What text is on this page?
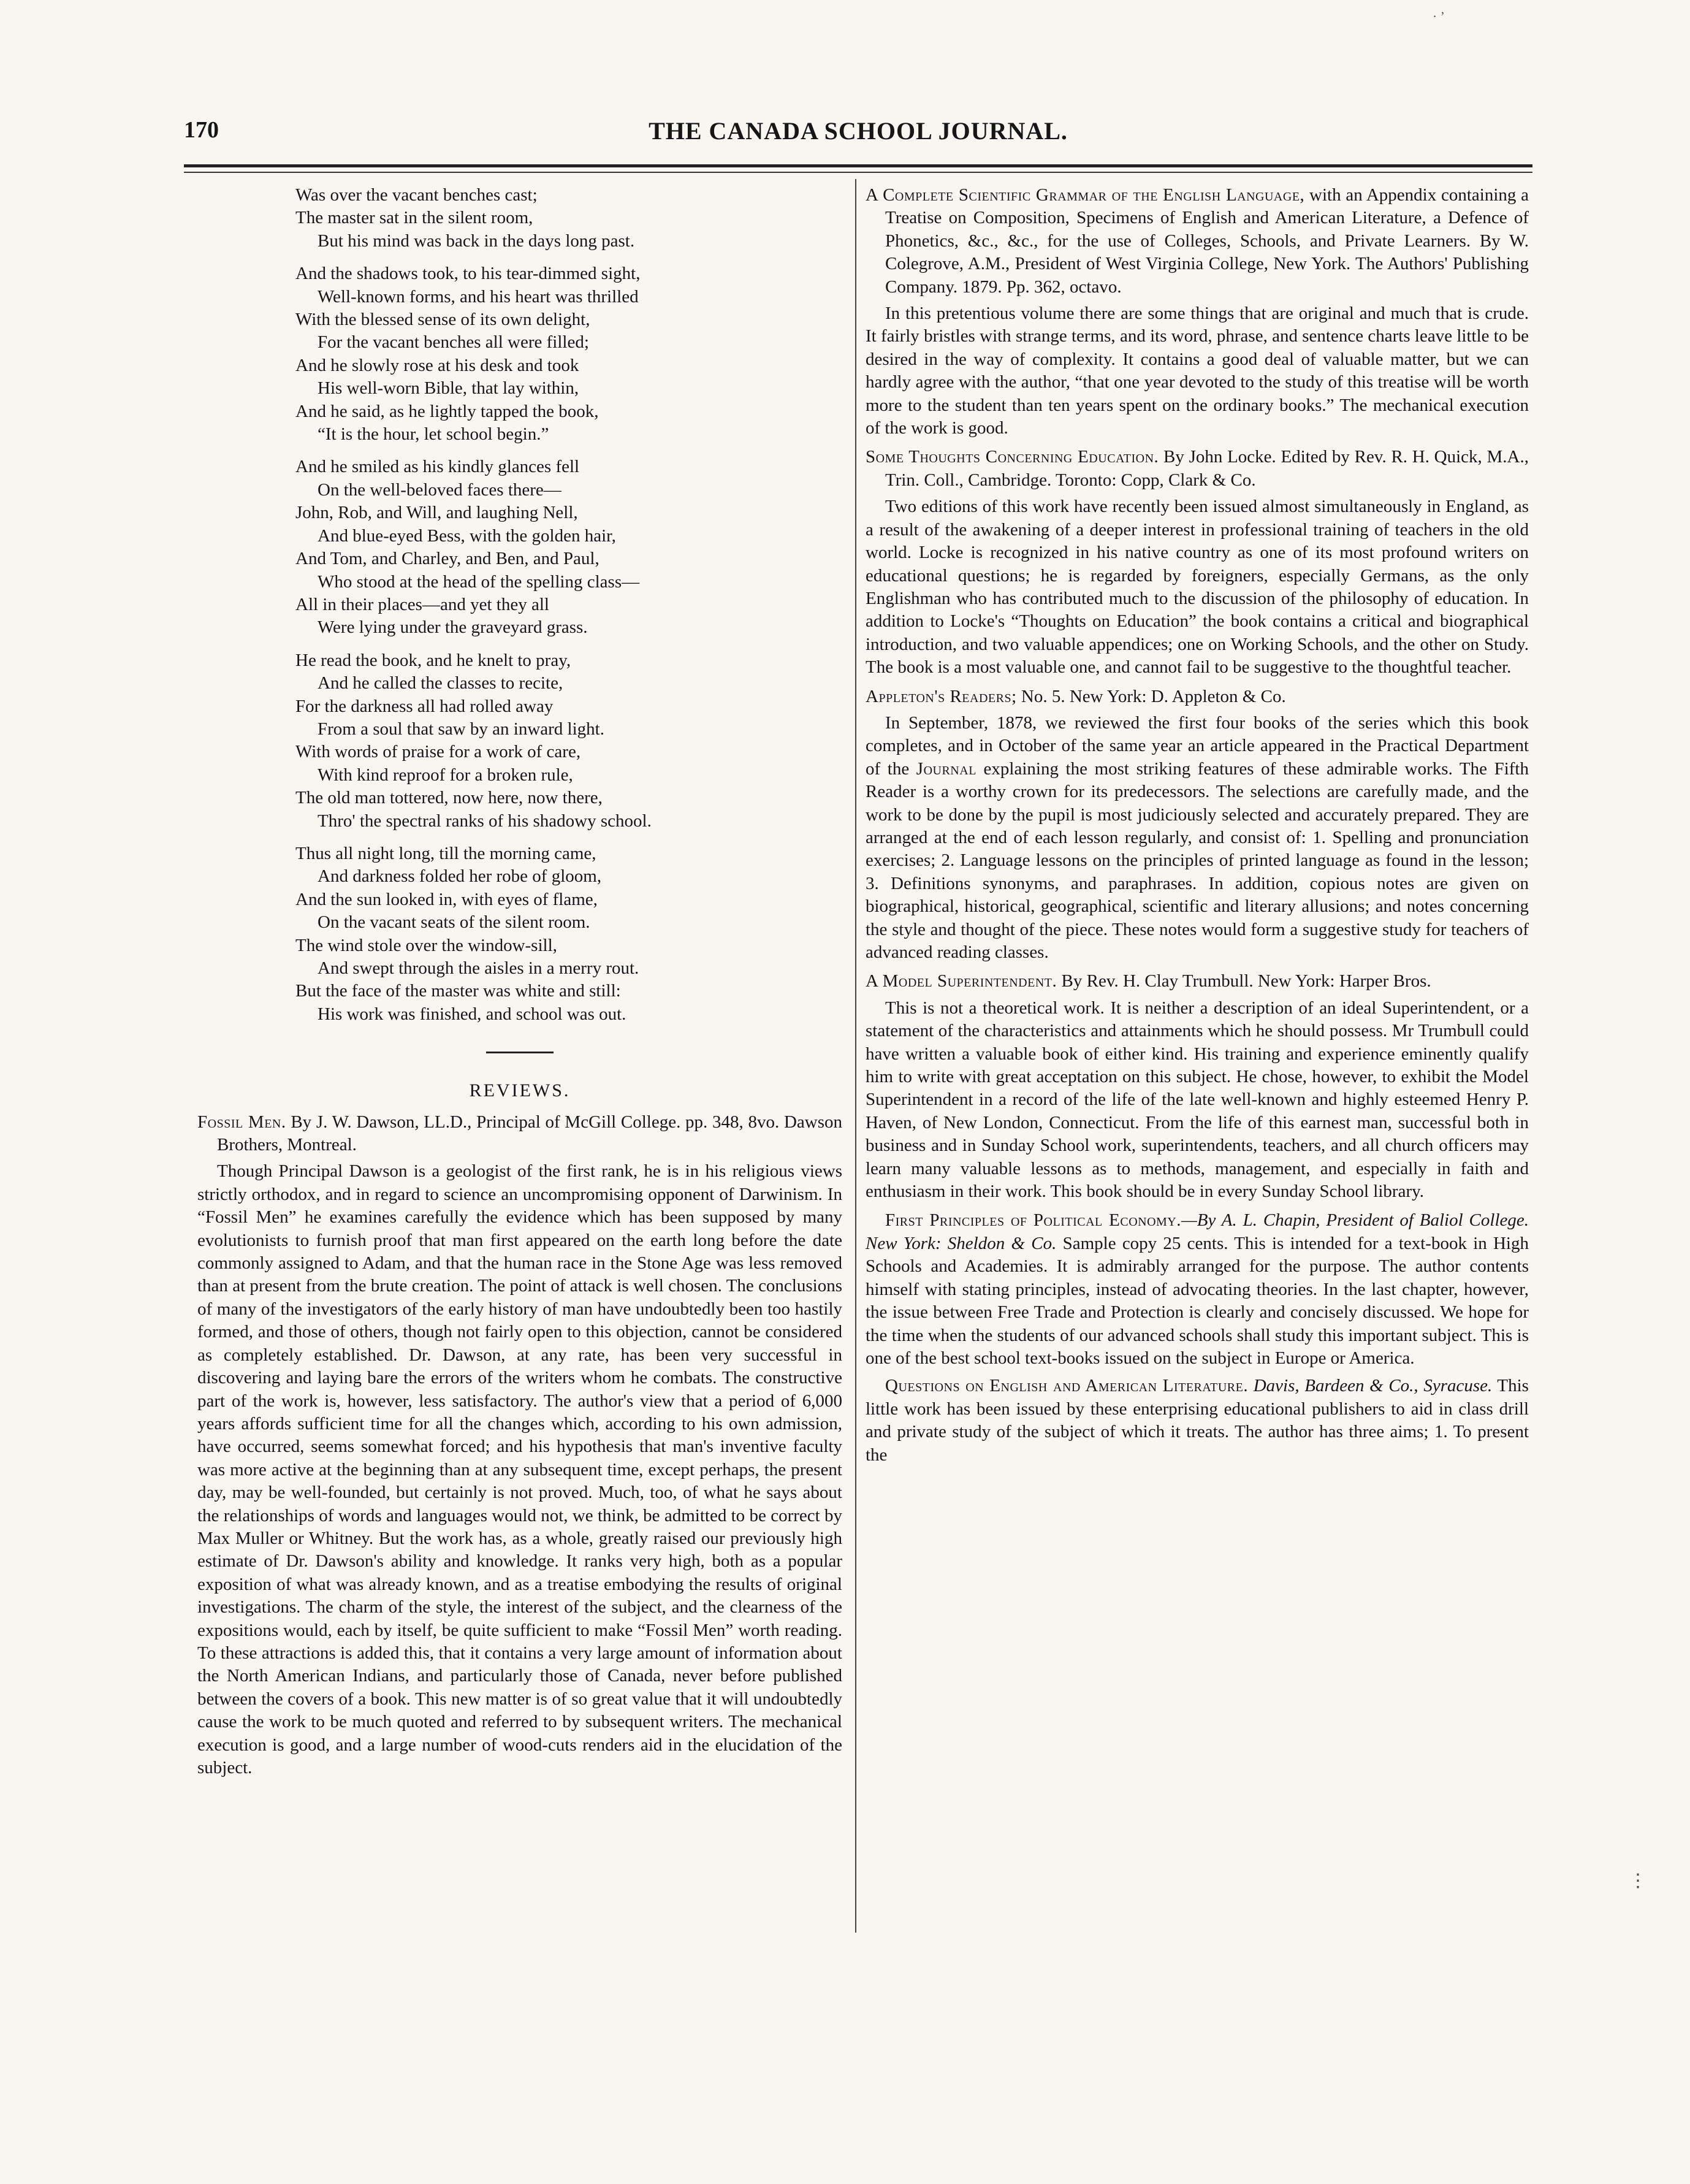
· ’
170	THE CANADA SCHOOL JOURNAL.
Was over the vacant benches cast;
The master sat in the silent room,
But his mind was back in the days long past.
And the shadows took, to his tear-dimmed sight,
Well-known forms, and his heart was thrilled
With the blessed sense of its own delight,
For the vacant benches all were filled;
And he slowly rose at his desk and took
His well-worn Bible, that lay within,
And he said, as he lightly tapped the book,
“It is the hour, let school begin.”
And he smiled as his kindly glances fell
On the well-beloved faces there—
John, Rob, and Will, and laughing Nell,
And blue-eyed Bess, with the golden hair,
And Tom, and Charley, and Ben, and Paul,
Who stood at the head of the spelling class—
All in their places—and yet they all
Were lying under the graveyard grass.
He read the book, and he knelt to pray,
And he called the classes to recite,
For the darkness all had rolled away
From a soul that saw by an inward light.
With words of praise for a work of care,
With kind reproof for a broken rule,
The old man tottered, now here, now there,
Thro' the spectral ranks of his shadowy school.
Thus all night long, till the morning came,
And darkness folded her robe of gloom,
And the sun looked in, with eyes of flame,
On the vacant seats of the silent room.
The wind stole over the window-sill,
And swept through the aisles in a merry rout.
But the face of the master was white and still:
His work was finished, and school was out.
REVIEWS.
Fossil Men. By J. W. Dawson, LL.D., Principal of McGill College. pp. 348, 8vo. Dawson Brothers, Montreal.
Though Principal Dawson is a geologist of the first rank, he is in his religious views strictly orthodox, and in regard to science an uncompromising opponent of Darwinism. In “Fossil Men” he examines carefully the evidence which has been supposed by many evolutionists to furnish proof that man first appeared on the earth long before the date commonly assigned to Adam, and that the human race in the Stone Age was less removed than at present from the brute creation. The point of attack is well chosen. The conclusions of many of the investigators of the early history of man have undoubtedly been too hastily formed, and those of others, though not fairly open to this objection, cannot be considered as completely established. Dr. Dawson, at any rate, has been very successful in discovering and laying bare the errors of the writers whom he combats. The constructive part of the work is, however, less satisfactory. The author's view that a period of 6,000 years affords sufficient time for all the changes which, according to his own admission, have occurred, seems somewhat forced; and his hypothesis that man's inventive faculty was more active at the beginning than at any subsequent time, except perhaps, the present day, may be well-founded, but certainly is not proved. Much, too, of what he says about the relationships of words and languages would not, we think, be admitted to be correct by Max Muller or Whitney. But the work has, as a whole, greatly raised our previously high estimate of Dr. Dawson's ability and knowledge. It ranks very high, both as a popular exposition of what was already known, and as a treatise embodying the results of original investigations. The charm of the style, the interest of the subject, and the clearness of the expositions would, each by itself, be quite sufficient to make “Fossil Men” worth reading. To these attractions is added this, that it contains a very large amount of information about the North American Indians, and particularly those of Canada, never before published between the covers of a book. This new matter is of so great value that it will undoubtedly cause the work to be much quoted and referred to by subsequent writers. The mechanical execution is good, and a large number of wood-cuts renders aid in the elucidation of the subject.
A Complete Scientific Grammar of the English Language, with an Appendix containing a Treatise on Composition, Specimens of English and American Literature, a Defence of Phonetics, &c., &c., for the use of Colleges, Schools, and Private Learners. By W. Colegrove, A.M., President of West Virginia College, New York. The Authors' Publishing Company. 1879. Pp. 362, octavo.
In this pretentious volume there are some things that are original and much that is crude. It fairly bristles with strange terms, and its word, phrase, and sentence charts leave little to be desired in the way of complexity. It contains a good deal of valuable matter, but we can hardly agree with the author, “that one year devoted to the study of this treatise will be worth more to the student than ten years spent on the ordinary books.” The mechanical execution of the work is good.
Some Thoughts Concerning Education. By John Locke. Edited by Rev. R. H. Quick, M.A., Trin. Coll., Cambridge. Toronto: Copp, Clark & Co.
Two editions of this work have recently been issued almost simultaneously in England, as a result of the awakening of a deeper interest in professional training of teachers in the old world. Locke is recognized in his native country as one of its most profound writers on educational questions; he is regarded by foreigners, especially Germans, as the only Englishman who has contributed much to the discussion of the philosophy of education. In addition to Locke's “Thoughts on Education” the book contains a critical and biographical introduction, and two valuable appendices; one on Working Schools, and the other on Study. The book is a most valuable one, and cannot fail to be suggestive to the thoughtful teacher.
Appleton's Readers; No. 5. New York: D. Appleton & Co.
In September, 1878, we reviewed the first four books of the series which this book completes, and in October of the same year an article appeared in the Practical Department of the Journal explaining the most striking features of these admirable works. The Fifth Reader is a worthy crown for its predecessors. The selections are carefully made, and the work to be done by the pupil is most judiciously selected and accurately prepared. They are arranged at the end of each lesson regularly, and consist of: 1. Spelling and pronunciation exercises; 2. Language lessons on the principles of printed language as found in the lesson; 3. Definitions synonyms, and paraphrases. In addition, copious notes are given on biographical, historical, geographical, scientific and literary allusions; and notes concerning the style and thought of the piece. These notes would form a suggestive study for teachers of advanced reading classes.
A Model Superintendent. By Rev. H. Clay Trumbull. New York: Harper Bros.
This is not a theoretical work. It is neither a description of an ideal Superintendent, or a statement of the characteristics and attainments which he should possess. Mr Trumbull could have written a valuable book of either kind. His training and experience eminently qualify him to write with great acceptation on this subject. He chose, however, to exhibit the Model Superintendent in a record of the life of the late well-known and highly esteemed Henry P. Haven, of New London, Connecticut. From the life of this earnest man, successful both in business and in Sunday School work, superintendents, teachers, and all church officers may learn many valuable lessons as to methods, management, and especially in faith and enthusiasm in their work. This book should be in every Sunday School library.
First Principles of Political Economy.—By A. L. Chapin, President of Baliol College. New York: Sheldon & Co. Sample copy 25 cents. This is intended for a text-book in High Schools and Academies. It is admirably arranged for the purpose. The author contents himself with stating principles, instead of advocating theories. In the last chapter, however, the issue between Free Trade and Protection is clearly and concisely discussed. We hope for the time when the students of our advanced schools shall study this important subject. This is one of the best school text-books issued on the subject in Europe or America.
Questions on English and American Literature. Davis, Bardeen & Co., Syracuse. This little work has been issued by these enterprising educational publishers to aid in class drill and private study of the subject of which it treats. The author has three aims; 1. To present the
⋮
